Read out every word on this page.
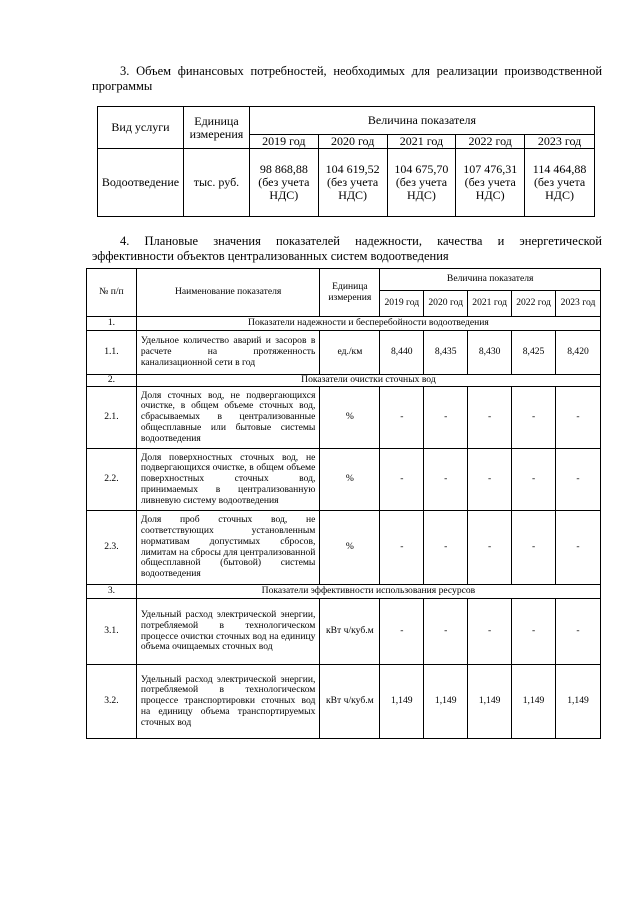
3. Объем финансовых потребностей, необходимых для реализации производственной программы
Вид услуги	Единица измерения	Величина показателя				
		2019 год	2020 год	2021 год	2022 год	2023 год
Водоотведение	тыс. руб.	98 868,88 (без учета НДС)	104 619,52 (без учета НДС)	104 675,70 (без учета НДС)	107 476,31 (без учета НДС)	114 464,88 (без учета НДС)
4. Плановые значения показателей надежности, качества и энергетической эффективности объектов централизованных систем водоотведения
№ п/п	Наименование показателя	Единица измерения	Величина показателя				
			2019 год	2020 год	2021 год	2022 год	2023 год
1.	Показатели надежности и бесперебойности водоотведения						
1.1.	Удельное количество аварий и засоров в расчете на протяженность канализационной сети в год	ед./км	8,440	8,435	8,430	8,425	8,420
2.	Показатели очистки сточных вод						
2.1.	Доля сточных вод, не подвергающихся очистке, в общем объеме сточных вод, сбрасываемых в централизованные общесплавные или бытовые системы водоотведения	%	-	-	-	-	-
2.2.	Доля поверхностных сточных вод, не подвергающихся очистке, в общем объеме поверхностных сточных вод, принимаемых в централизованную ливневую систему водоотведения	%	-	-	-	-	-
2.3.	Доля проб сточных вод, не соответствующих установленным нормативам допустимых сбросов, лимитам на сбросы для централизованной общесплавной (бытовой) системы водоотведения	%	-	-	-	-	-
3.	Показатели эффективности использования ресурсов						
3.1.	Удельный расход электрической энергии, потребляемой в технологическом процессе очистки сточных вод на единицу объема очищаемых сточных вод	кВт ч/куб.м	-	-	-	-	-
3.2.	Удельный расход электрической энергии, потребляемой в технологическом процессе транспортировки сточных вод на единицу объема транспортируемых сточных вод	кВт ч/куб.м	1,149	1,149	1,149	1,149	1,149
